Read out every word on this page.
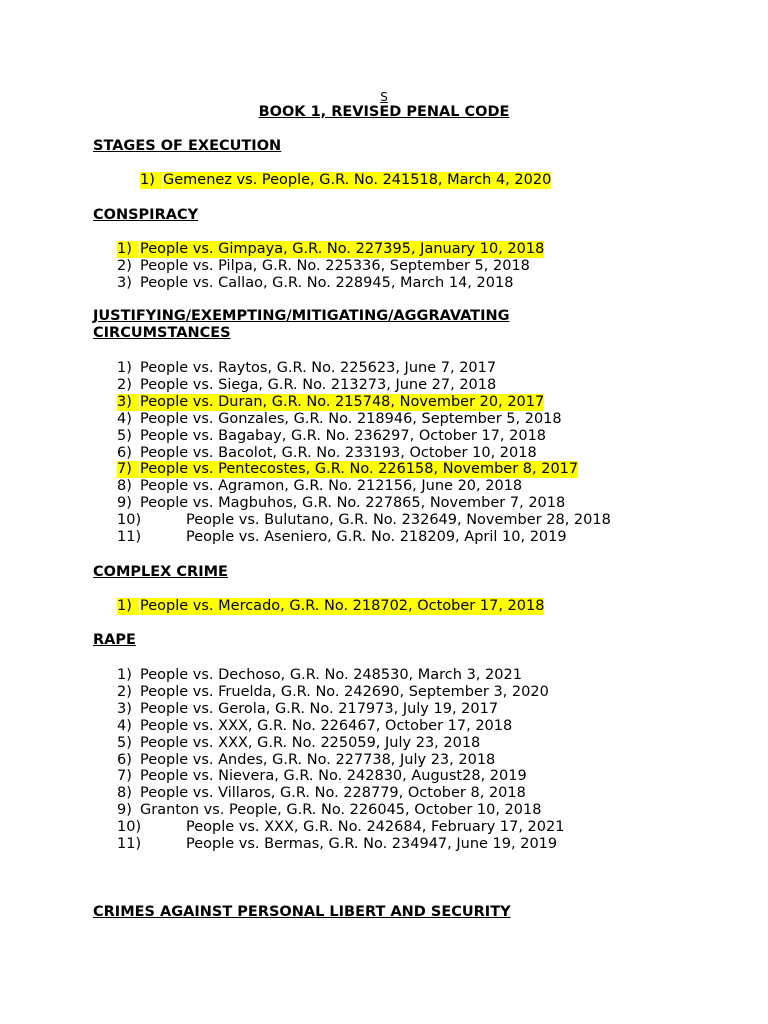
S
BOOK 1, REVISED PENAL CODE
STAGES OF EXECUTION
1) Gemenez vs. People, G.R. No. 241518, March 4, 2020
CONSPIRACY
1) People vs. Gimpaya, G.R. No. 227395, January 10, 2018
2) People vs. Pilpa, G.R. No. 225336, September 5, 2018
3) People vs. Callao, G.R. No. 228945, March 14, 2018
JUSTIFYING/EXEMPTING/MITIGATING/AGGRAVATING
CIRCUMSTANCES
1) People vs. Raytos, G.R. No. 225623, June 7, 2017
2) People vs. Siega, G.R. No. 213273, June 27, 2018
3) People vs. Duran, G.R. No. 215748, November 20, 2017
4) People vs. Gonzales, G.R. No. 218946, September 5, 2018
5) People vs. Bagabay, G.R. No. 236297, October 17, 2018
6) People vs. Bacolot, G.R. No. 233193, October 10, 2018
7) People vs. Pentecostes, G.R. No. 226158, November 8, 2017
8) People vs. Agramon, G.R. No. 212156, June 20, 2018
9) People vs. Magbuhos, G.R. No. 227865, November 7, 2018
10)	People vs. Bulutano, G.R. No. 232649, November 28, 2018
11)	People vs. Aseniero, G.R. No. 218209, April 10, 2019
COMPLEX CRIME
1) People vs. Mercado, G.R. No. 218702, October 17, 2018
RAPE
1) People vs. Dechoso, G.R. No. 248530, March 3, 2021
2) People vs. Fruelda, G.R. No. 242690, September 3, 2020
3) People vs. Gerola, G.R. No. 217973, July 19, 2017
4) People vs. XXX, G.R. No. 226467, October 17, 2018
5) People vs. XXX, G.R. No. 225059, July 23, 2018
6) People vs. Andes, G.R. No. 227738, July 23, 2018
7) People vs. Nievera, G.R. No. 242830, August28, 2019
8) People vs. Villaros, G.R. No. 228779, October 8, 2018
9) Granton vs. People, G.R. No. 226045, October 10, 2018
10)	People vs. XXX, G.R. No. 242684, February 17, 2021
11)	People vs. Bermas, G.R. No. 234947, June 19, 2019
CRIMES AGAINST PERSONAL LIBERT AND SECURITY
